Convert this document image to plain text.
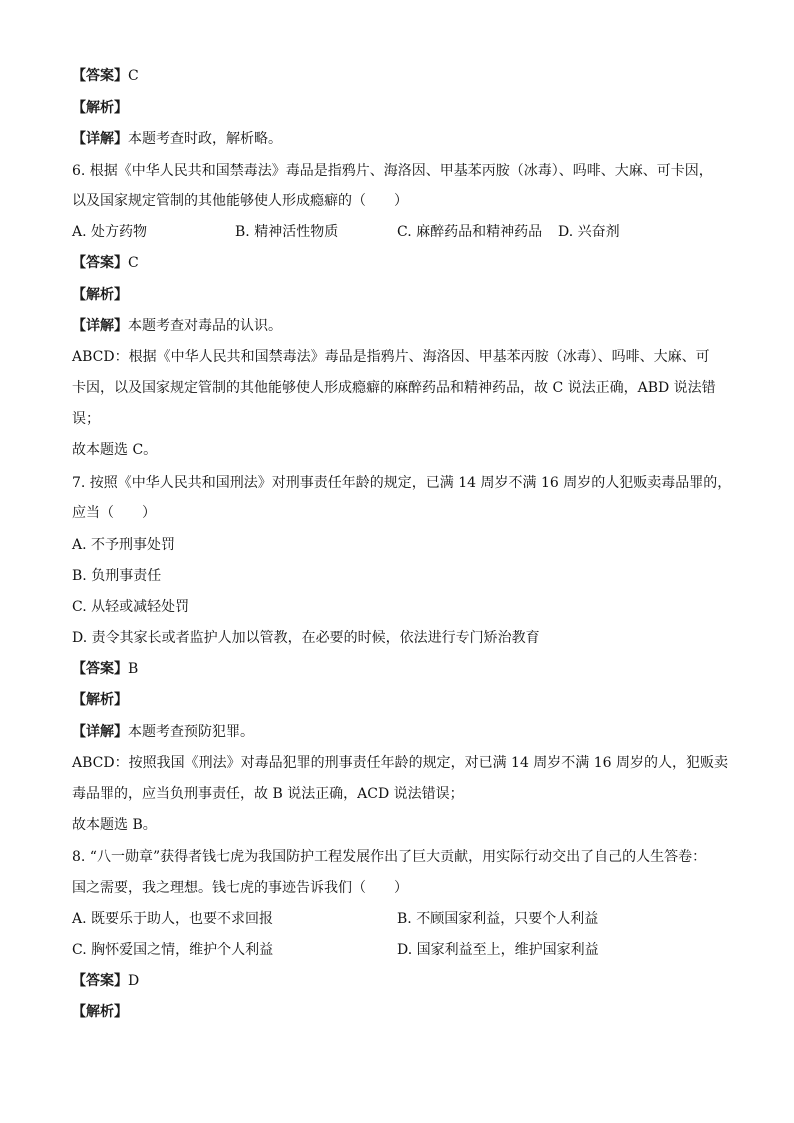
【答案】C
【解析】
【详解】本题考查时政，解析略。
6. 根据《中华人民共和国禁毒法》毒品是指鸦片、海洛因、甲基苯丙胺（冰毒）、吗啡、大麻、可卡因，
以及国家规定管制的其他能够使人形成瘾癖的（　　）
A. 处方药物	B. 精神活性物质	C. 麻醉药品和精神药品 D. 兴奋剂
【答案】C
【解析】
【详解】本题考查对毒品的认识。
ABCD：根据《中华人民共和国禁毒法》毒品是指鸦片、海洛因、甲基苯丙胺（冰毒）、吗啡、大麻、可
卡因，以及国家规定管制的其他能够使人形成瘾癖的麻醉药品和精神药品，故 C 说法正确，ABD 说法错
误；
故本题选 C。
7. 按照《中华人民共和国刑法》对刑事责任年龄的规定，已满 14 周岁不满 16 周岁的人犯贩卖毒品罪的，
应当（　　）
A. 不予刑事处罚
B. 负刑事责任
C. 从轻或减轻处罚
D. 责令其家长或者监护人加以管教，在必要的时候，依法进行专门矫治教育
【答案】B
【解析】
【详解】本题考查预防犯罪。
ABCD：按照我国《刑法》对毒品犯罪的刑事责任年龄的规定，对已满 14 周岁不满 16 周岁的人，犯贩卖
毒品罪的，应当负刑事责任，故 B 说法正确，ACD 说法错误；
故本题选 B。
8. “八一勋章”获得者钱七虎为我国防护工程发展作出了巨大贡献，用实际行动交出了自己的人生答卷：
国之需要，我之理想。钱七虎的事迹告诉我们（　　）
A. 既要乐于助人，也要不求回报	B. 不顾国家利益，只要个人利益
C. 胸怀爱国之情，维护个人利益	D. 国家利益至上，维护国家利益
【答案】D
【解析】
